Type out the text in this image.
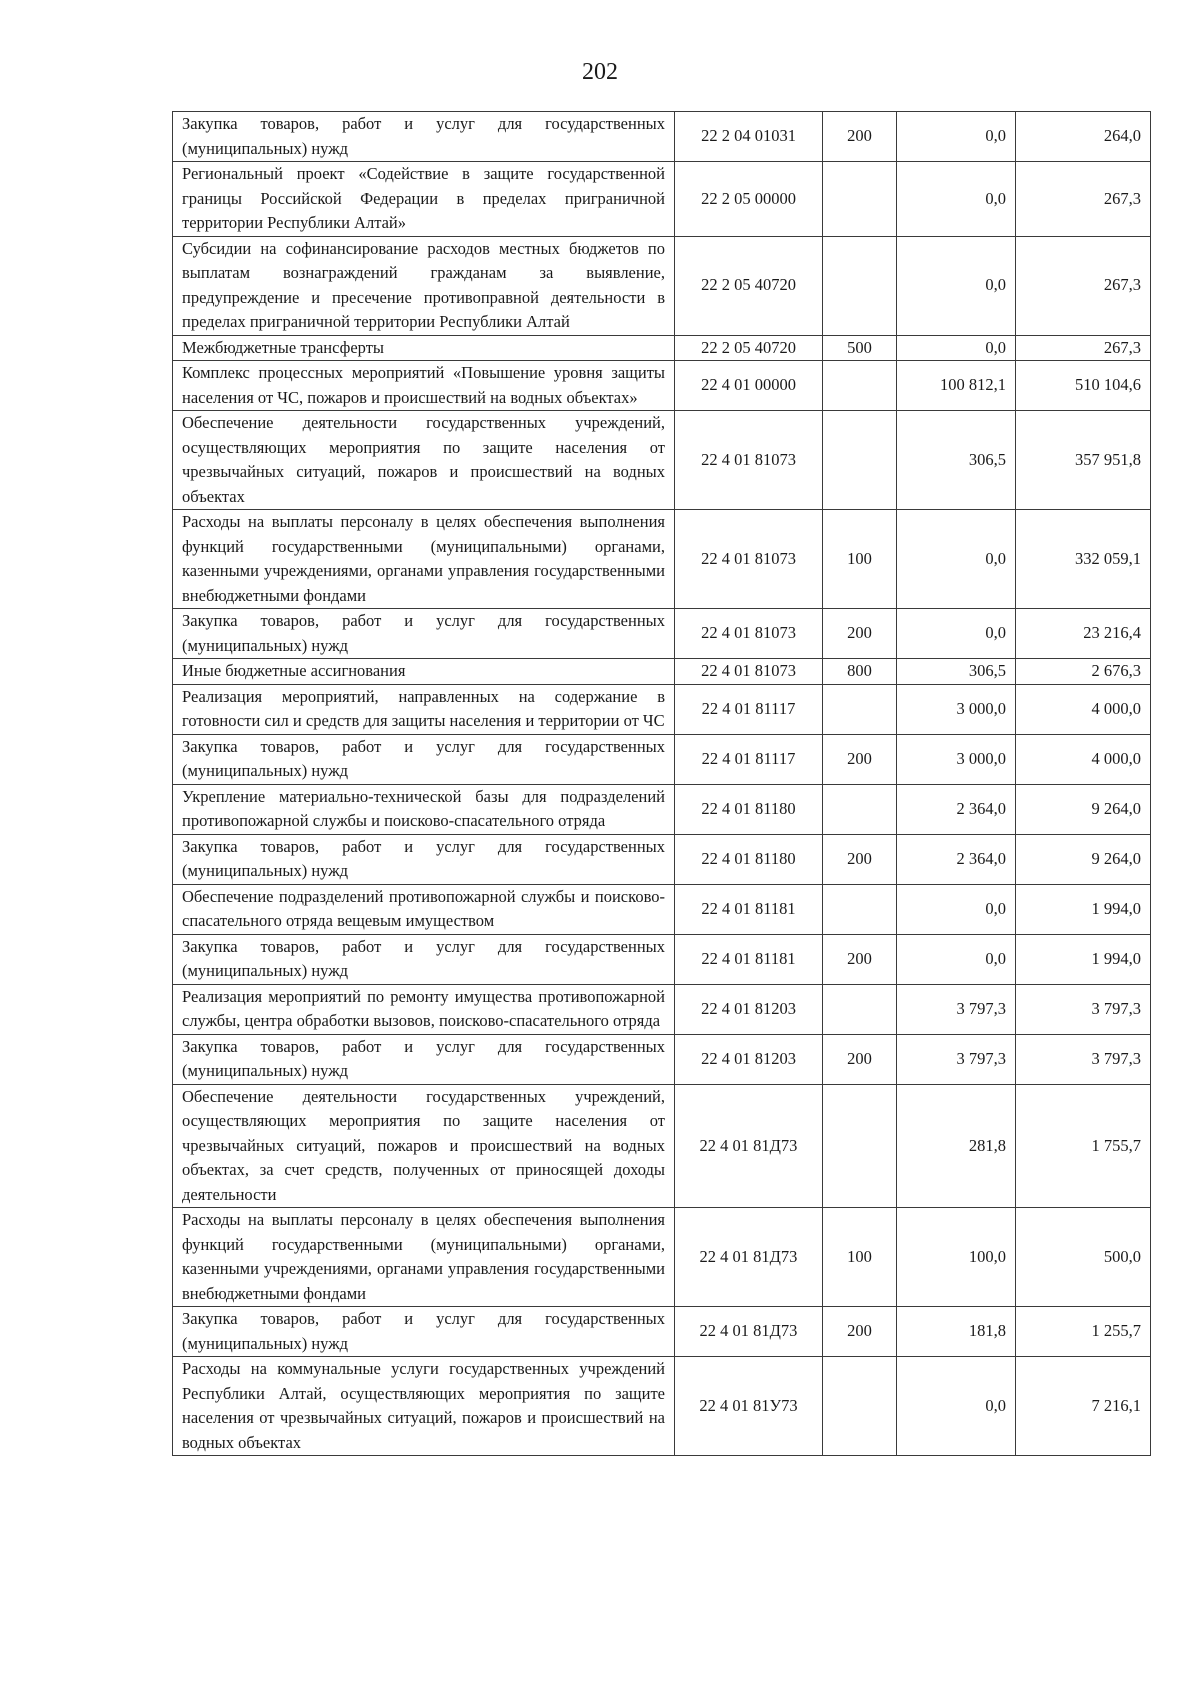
202
Закупка товаров, работ и услуг для государственных (муниципальных) нужд	22 2 04 01031	200	0,0	264,0
Региональный проект «Содействие в защите государственной границы Российской Федерации в пределах приграничной территории Республики Алтай»	22 2 05 00000		0,0	267,3
Субсидии на софинансирование расходов местных бюджетов по выплатам вознаграждений гражданам за выявление, предупреждение и пресечение противоправной деятельности в пределах приграничной территории Республики Алтай	22 2 05 40720		0,0	267,3
Межбюджетные трансферты	22 2 05 40720	500	0,0	267,3
Комплекс процессных мероприятий «Повышение уровня защиты населения от ЧС, пожаров и происшествий на водных объектах»	22 4 01 00000		100 812,1	510 104,6
Обеспечение деятельности государственных учреждений, осуществляющих мероприятия по защите населения от чрезвычайных ситуаций, пожаров и происшествий на водных объектах	22 4 01 81073		306,5	357 951,8
Расходы на выплаты персоналу в целях обеспечения выполнения функций государственными (муниципальными) органами, казенными учреждениями, органами управления государственными внебюджетными фондами	22 4 01 81073	100	0,0	332 059,1
Закупка товаров, работ и услуг для государственных (муниципальных) нужд	22 4 01 81073	200	0,0	23 216,4
Иные бюджетные ассигнования	22 4 01 81073	800	306,5	2 676,3
Реализация мероприятий, направленных на содержание в готовности сил и средств для защиты населения и территории от ЧС	22 4 01 81117		3 000,0	4 000,0
Закупка товаров, работ и услуг для государственных (муниципальных) нужд	22 4 01 81117	200	3 000,0	4 000,0
Укрепление материально-технической базы для подразделений противопожарной службы и поисково-спасательного отряда	22 4 01 81180		2 364,0	9 264,0
Закупка товаров, работ и услуг для государственных (муниципальных) нужд	22 4 01 81180	200	2 364,0	9 264,0
Обеспечение подразделений противопожарной службы и поисково-спасательного отряда вещевым имуществом	22 4 01 81181		0,0	1 994,0
Закупка товаров, работ и услуг для государственных (муниципальных) нужд	22 4 01 81181	200	0,0	1 994,0
Реализация мероприятий по ремонту имущества противопожарной службы, центра обработки вызовов, поисково-спасательного отряда	22 4 01 81203		3 797,3	3 797,3
Закупка товаров, работ и услуг для государственных (муниципальных) нужд	22 4 01 81203	200	3 797,3	3 797,3
Обеспечение деятельности государственных учреждений, осуществляющих мероприятия по защите населения от чрезвычайных ситуаций, пожаров и происшествий на водных объектах, за счет средств, полученных от приносящей доходы деятельности	22 4 01 81Д73		281,8	1 755,7
Расходы на выплаты персоналу в целях обеспечения выполнения функций государственными (муниципальными) органами, казенными учреждениями, органами управления государственными внебюджетными фондами	22 4 01 81Д73	100	100,0	500,0
Закупка товаров, работ и услуг для государственных (муниципальных) нужд	22 4 01 81Д73	200	181,8	1 255,7
Расходы на коммунальные услуги государственных учреждений Республики Алтай, осуществляющих мероприятия по защите населения от чрезвычайных ситуаций, пожаров и происшествий на водных объектах	22 4 01 81У73		0,0	7 216,1
